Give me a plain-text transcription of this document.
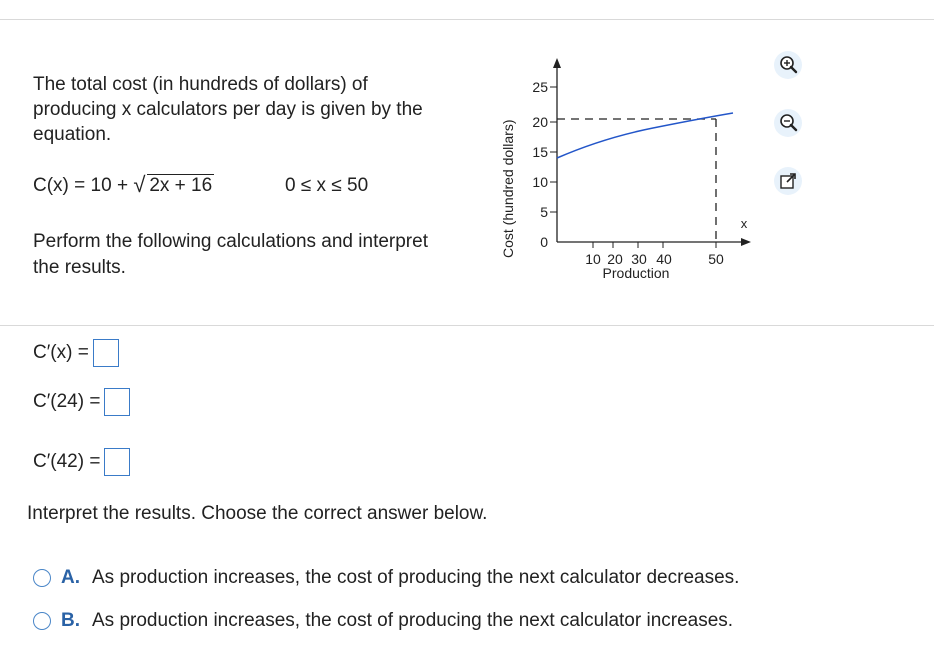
The total cost (in hundreds of dollars) of
producing x calculators per day is given by the
equation.
C(x) = 10 + √ 2x + 16	0 ≤ x ≤ 50
Perform the following calculations and interpret
the results.
Cost (hundred dollars)
25
20
15
10
5
0
10 20 30 40	50
Production
x
C′(x) =
C′(24) =
C′(42) =
Interpret the results. Choose the correct answer below.
A. As production increases, the cost of producing the next calculator decreases.
B. As production increases, the cost of producing the next calculator increases.
